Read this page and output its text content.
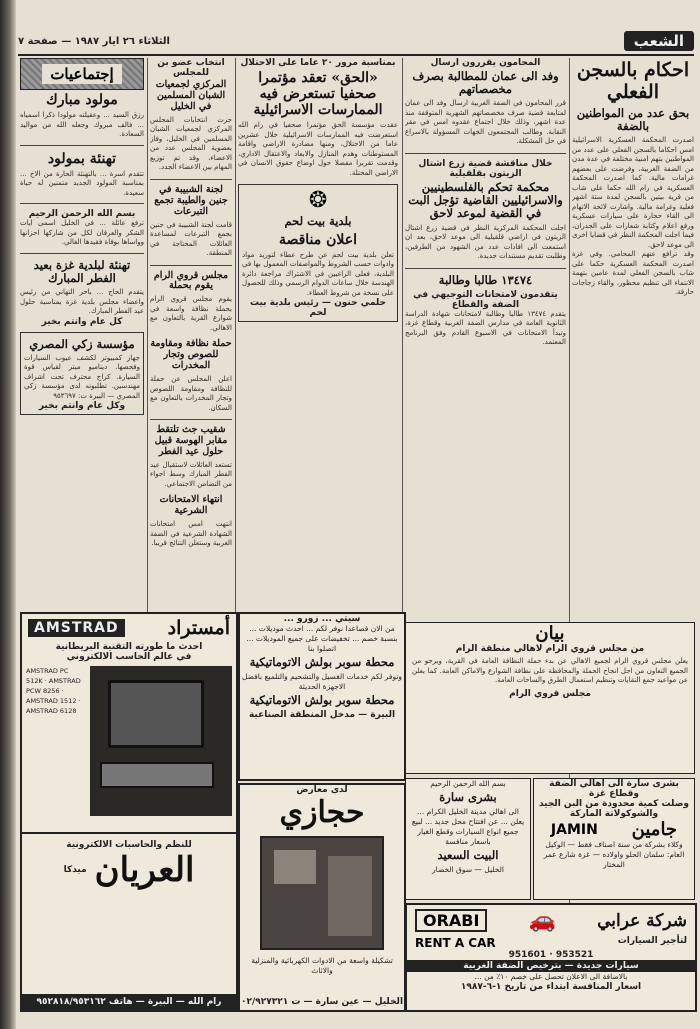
الشعب
الثلاثاء ٢٦ ايار ١٩٨٧ — صفحة ٧
احكام بالسجن الفعلي
بحق عدد من المواطنين بالضفة
اصدرت المحكمة العسكرية الاسرائيلية امس احكاما بالسجن الفعلي على عدد من المواطنين بتهم امنية مختلفة في عدة مدن من الضفة الغربية، وفرضت على بعضهم غرامات مالية. كما اصدرت المحكمة العسكرية في رام الله حكما على شاب من قرية بيتين بالسجن لمدة ستة اشهر فعلية وغرامة مالية. واشارت لائحة الاتهام الى القاء حجارة على سيارات عسكرية ورفع اعلام وكتابة شعارات على الجدران، فيما اجلت المحكمة النظر في قضايا اخرى الى موعد لاحق.
وقد ترافع عنهم المحامي. وفي غزة اصدرت المحكمة العسكرية حكما على شاب بالسجن الفعلي لمدة عامين بتهمة الانتماء الى تنظيم محظور، والقاء زجاجات حارقة.
المحامون يقررون ارسال
وفد الى عمان للمطالبة بصرف مخصصاتهم
قرر المحامون في الضفة الغربية ارسال وفد الى عمان لمتابعة قضية صرف مخصصاتهم الشهرية المتوقفة منذ عدة اشهر، وذلك خلال اجتماع عقدوه امس في مقر النقابة. وطالب المجتمعون الجهات المسؤولة بالاسراع في حل المشكلة.
خلال مناقشة قضية زرع اشتال الزيتون بقلقيلية
محكمة تحكم بالفلسطينيين والاسرائيليين القاضية تؤجل البت في القضية لموعد لاحق
اجلت المحكمة المركزية النظر في قضية زرع اشتال الزيتون في اراضي قلقيلية الى موعد لاحق، بعد ان استمعت الى افادات عدد من الشهود من الطرفين، وطلبت تقديم مستندات جديدة.
١٣٤٧٤ طالبا وطالبة
يتقدمون لامتحانات التوجيهي في الضفة والقطاع
يتقدم ١٣٤٧٤ طالبا وطالبة لامتحانات شهادة الدراسة الثانوية العامة في مدارس الضفة الغربية وقطاع غزة، وتبدأ الامتحانات في الاسبوع القادم وفق البرنامج المعتمد.
بمناسبة مرور ٢٠ عاما على الاحتلال
«الحق» تعقد مؤتمرا صحفيا تستعرض فيه الممارسات الاسرائيلية
عقدت مؤسسة الحق مؤتمرا صحفيا في رام الله استعرضت فيه الممارسات الاسرائيلية خلال عشرين عاما من الاحتلال، ومنها مصادرة الاراضي واقامة المستوطنات وهدم المنازل والابعاد والاعتقال الاداري، وقدمت تقريرا مفصلا حول اوضاع حقوق الانسان في الاراضي المحتلة.
❂
بلدية بيت لحم
اعلان مناقصة
تعلن بلدية بيت لحم عن طرح عطاء لتوريد مواد وادوات حسب الشروط والمواصفات المعمول بها في البلدية، فعلى الراغبين في الاشتراك مراجعة دائرة الهندسة خلال ساعات الدوام الرسمي وذلك للحصول على نسخة من شروط العطاء.
حلمي حنون — رئيس بلدية بيت لحم
انتخاب عضو بن للمجلس
المركزي لجمعيات الشبان المسلمين في الخليل
جرت انتخابات المجلس المركزي لجمعيات الشبان المسلمين في الخليل، وفاز بعضوية المجلس عدد من الاعضاء، وقد تم توزيع المهام بين الاعضاء الجدد.
لجنة الشبيبة في جنين والطيبة تجمع التبرعات
قامت لجنة الشبيبة في جنين بجمع التبرعات لمساعدة العائلات المحتاجة في المنطقة.
مجلس قروي الرام يقوم بحملة
يقوم مجلس قروي الرام بحملة نظافة واسعة في شوارع القرية بالتعاون مع الاهالي.
حملة نظافة ومقاومة للصوص وتجار المخدرات
اعلن المجلس عن حملة للنظافة ومقاومة اللصوص وتجار المخدرات بالتعاون مع السكان.
شقيب جث تلتقط مقابر الهوسة قبيل حلول عيد الفطر
تستعد العائلات لاستقبال عيد الفطر المبارك وسط اجواء من التضامن الاجتماعي.
انتهاء الامتحانات الشرعية
انتهت امس امتحانات الشهادة الشرعية في الضفة الغربية وستعلن النتائج قريبا.
إجتماعيات
مولود مبارك
رزق السيد ... وعقيلته مولودا ذكرا اسمياه ... فالف مبروك وجعله الله من مواليد السعادة.
تهنئة بمولود
تتقدم اسرة ... بالتهنئة الحارة من الاخ ... بمناسبة المولود الجديد متمنين له حياة سعيدة.
بسم الله الرحمن الرحيم
ترفع عائلة ... في الخليل اسمى ايات الشكر والعرفان لكل من شاركها احزانها وواساها بوفاة فقيدها الغالي.
تهنئة لبلدية غزة بعيد الفطر المبارك
يتقدم الحاج ... باحر التهاني من رئيس واعضاء مجلس بلدية غزة بمناسبة حلول عيد الفطر المبارك.
كل عام وانتم بخير
مؤسسة زكي المصري
جهاز كمبيوتر لكشف عيوب السيارات وفحصها. ديناميو ميتر لقياس قوة السيارة. كراج محترف تحت اشراف مهندسين. تطلبونه لدى مؤسسة زكي المصري — البيرة ت: ٩٥٣٦٩٧
وكل عام وانتم بخير
بيان
من مجلس قروي الرام لاهالي منطقة الرام
يعلن مجلس قروي الرام لجميع الاهالي عن بدء حملة النظافة العامة في القرية، ويرجو من الجميع التعاون من اجل انجاح الحملة والمحافظة على نظافة الشوارع والاماكن العامة. كما يعلن عن مواعيد جمع النفايات وتنظيم استعمال الطرق والساحات العامة.
مجلس قروي الرام
AMSTRAD	أمستراد
احدث ما طورته التقنية البريطانية
في عالم الحاسب الالكتروني
AMSTRAD PC 512K · AMSTRAD PCW 8256 · AMSTRAD 1512 · AMSTRAD 6128
للنظم والحاسبات الالكترونية
العريان
ميدكا
رام الله — البيرة — هاتف ٩٥٢٨١٨/٩٥٣١٦٢
سيتي ... زورو ...
من الان فصاعدا نوفر لكم ... احدث موديلات ... بنسبة خصم ... تخفيضات على جميع الموديلات ... اتصلوا بنا
محطة سوبر بولش الاتوماتيكية
وتوفر لكم خدمات الغسيل والتشحيم والتلميع بافضل الاجهزة الحديثة
محطة سوبر بولش الاتوماتيكية
البيرة — مدخل المنطقة الصناعية
لدى معارض
حجازي
تشكيلة واسعة من الادوات الكهربائية والمنزلية والاثاث
الخليل — عين سارة — ت ٠٢/٩٢٧٣٢١
بسم الله الرحمن الرحيم
بشرى سارة
الى اهالي مدينة الخليل الكرام ... يعلن ... عن افتتاح محل جديد ... لبيع جميع انواع السيارات وقطع الغيار باسعار منافسة
البيت السعيد
الخليل — سوق الخضار
بشرى سارة الى اهالي الضفة وقطاع غزة
وصلت كمية محدودة من البن الجيد والشوكولاتة الماركة
JAMIN جامين
وكلاء بشركة من سنة اصناف فقط — الوكيل العام: سلمان الحلو واولاده — غزة شارع عمر المختار
ORABI	🚗 شركة عرابي
RENT A CAR	لتأجير السيارات
953521 · 951601
سيارات جديدة — بترخيص الضفة الغربية
بالاضافة الى الاعلان تحصل على خصم ١٠٪ من ...
اسعار المنافسة ابتداء من تاريخ ١-٦-١٩٨٧
